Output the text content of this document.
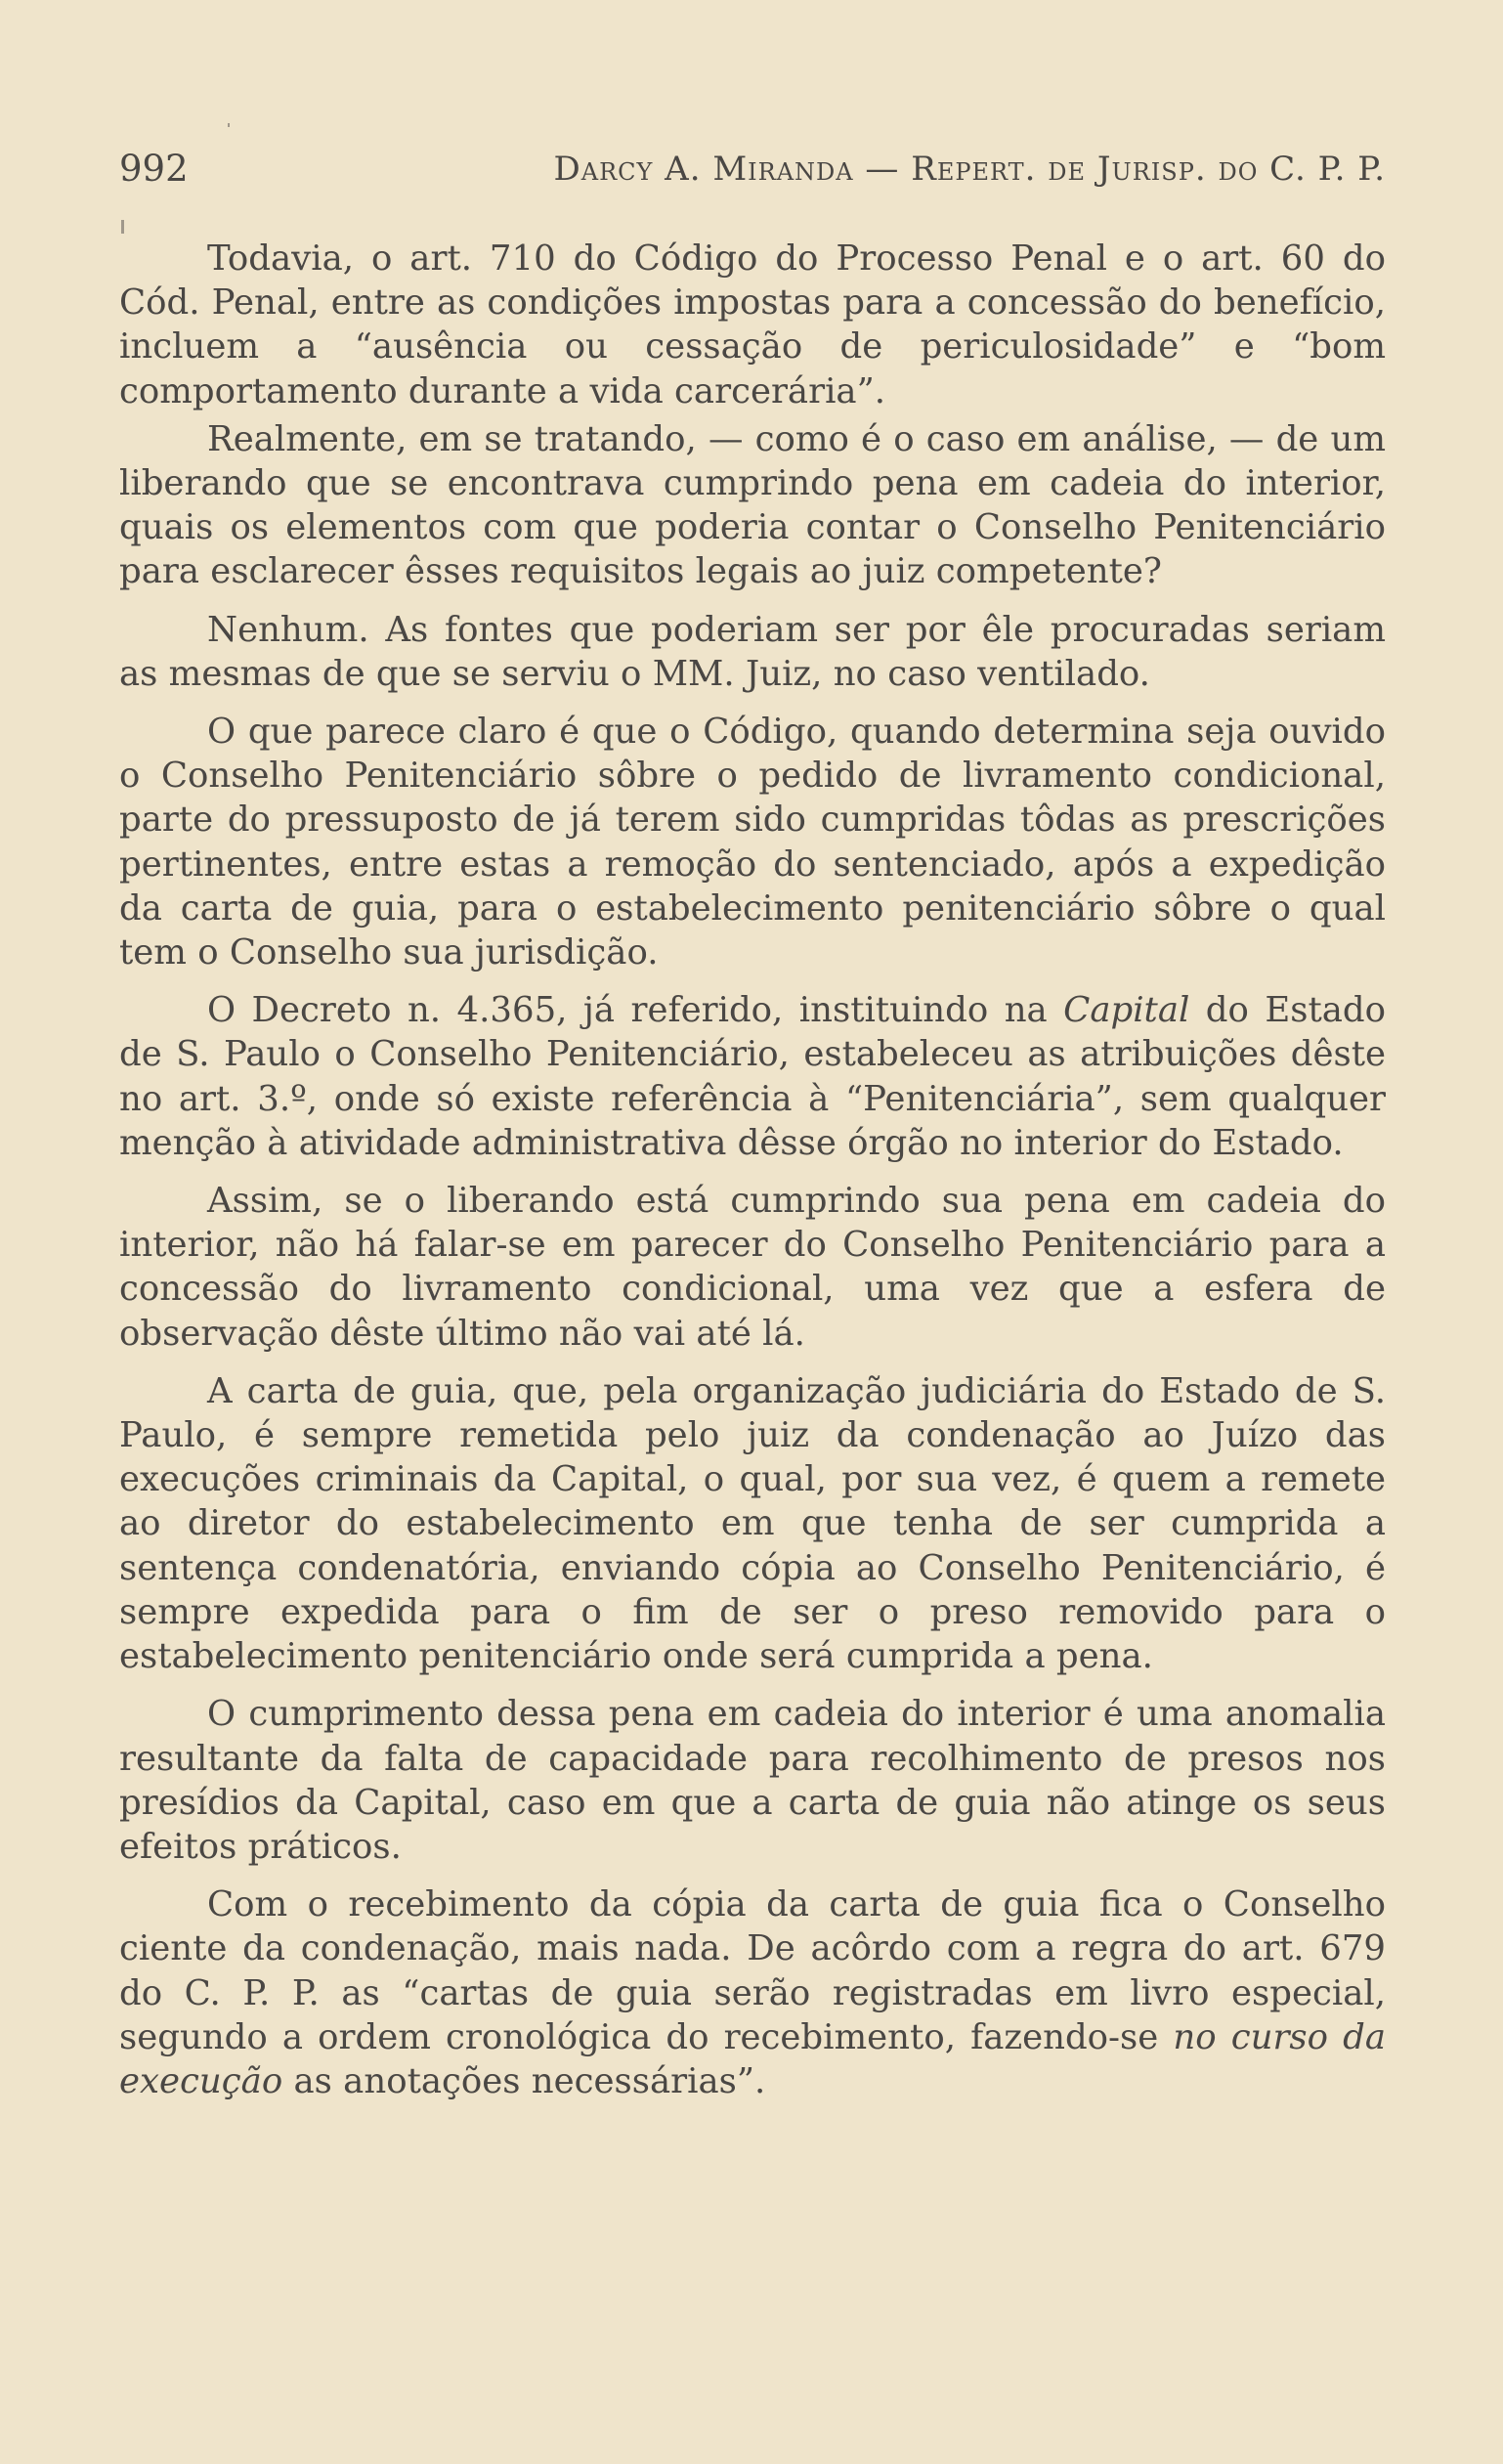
992	Darcy A. Miranda — Repert. de Jurisp. do C. P. P.

Todavia, o art. 710 do Código do Processo Penal e o art. 60 do Cód. Penal, entre as condições impostas para a concessão do benefício, incluem a “ausência ou cessação de periculosidade” e “bom comportamento durante a vida carcerária”.

Realmente, em se tratando, — como é o caso em análise, — de um liberando que se encontrava cumprindo pena em cadeia do interior, quais os elementos com que poderia contar o Conselho Penitenciário para esclarecer êsses requisitos legais ao juiz competente?

Nenhum. As fontes que poderiam ser por êle procuradas seriam as mesmas de que se serviu o MM. Juiz, no caso ventilado.

O que parece claro é que o Código, quando determina seja ouvido o Conselho Penitenciário sôbre o pedido de livramento condicional, parte do pressuposto de já terem sido cumpridas tôdas as prescrições pertinentes, entre estas a remoção do sentenciado, após a expedição da carta de guia, para o estabelecimento penitenciário sôbre o qual tem o Conselho sua jurisdição.

O Decreto n. 4.365, já referido, instituindo na Capital do Estado de S. Paulo o Conselho Penitenciário, estabeleceu as atribuições dêste no art. 3.º, onde só existe referência à “Penitenciária”, sem qualquer menção à atividade administrativa dêsse órgão no interior do Estado.

Assim, se o liberando está cumprindo sua pena em cadeia do interior, não há falar-se em parecer do Conselho Penitenciário para a concessão do livramento condicional, uma vez que a esfera de observação dêste último não vai até lá.

A carta de guia, que, pela organização judiciária do Estado de S. Paulo, é sempre remetida pelo juiz da condenação ao Juízo das execuções criminais da Capital, o qual, por sua vez, é quem a remete ao diretor do estabelecimento em que tenha de ser cumprida a sentença condenatória, enviando cópia ao Conselho Penitenciário, é sempre expedida para o fim de ser o preso removido para o estabelecimento penitenciário onde será cumprida a pena.

O cumprimento dessa pena em cadeia do interior é uma anomalia resultante da falta de capacidade para recolhimento de presos nos presídios da Capital, caso em que a carta de guia não atinge os seus efeitos práticos.

Com o recebimento da cópia da carta de guia fica o Conselho ciente da condenação, mais nada. De acôrdo com a regra do art. 679 do C. P. P. as “cartas de guia serão registradas em livro especial, segundo a ordem cronológica do recebimento, fazendo-se no curso da execução as anotações necessárias”.
